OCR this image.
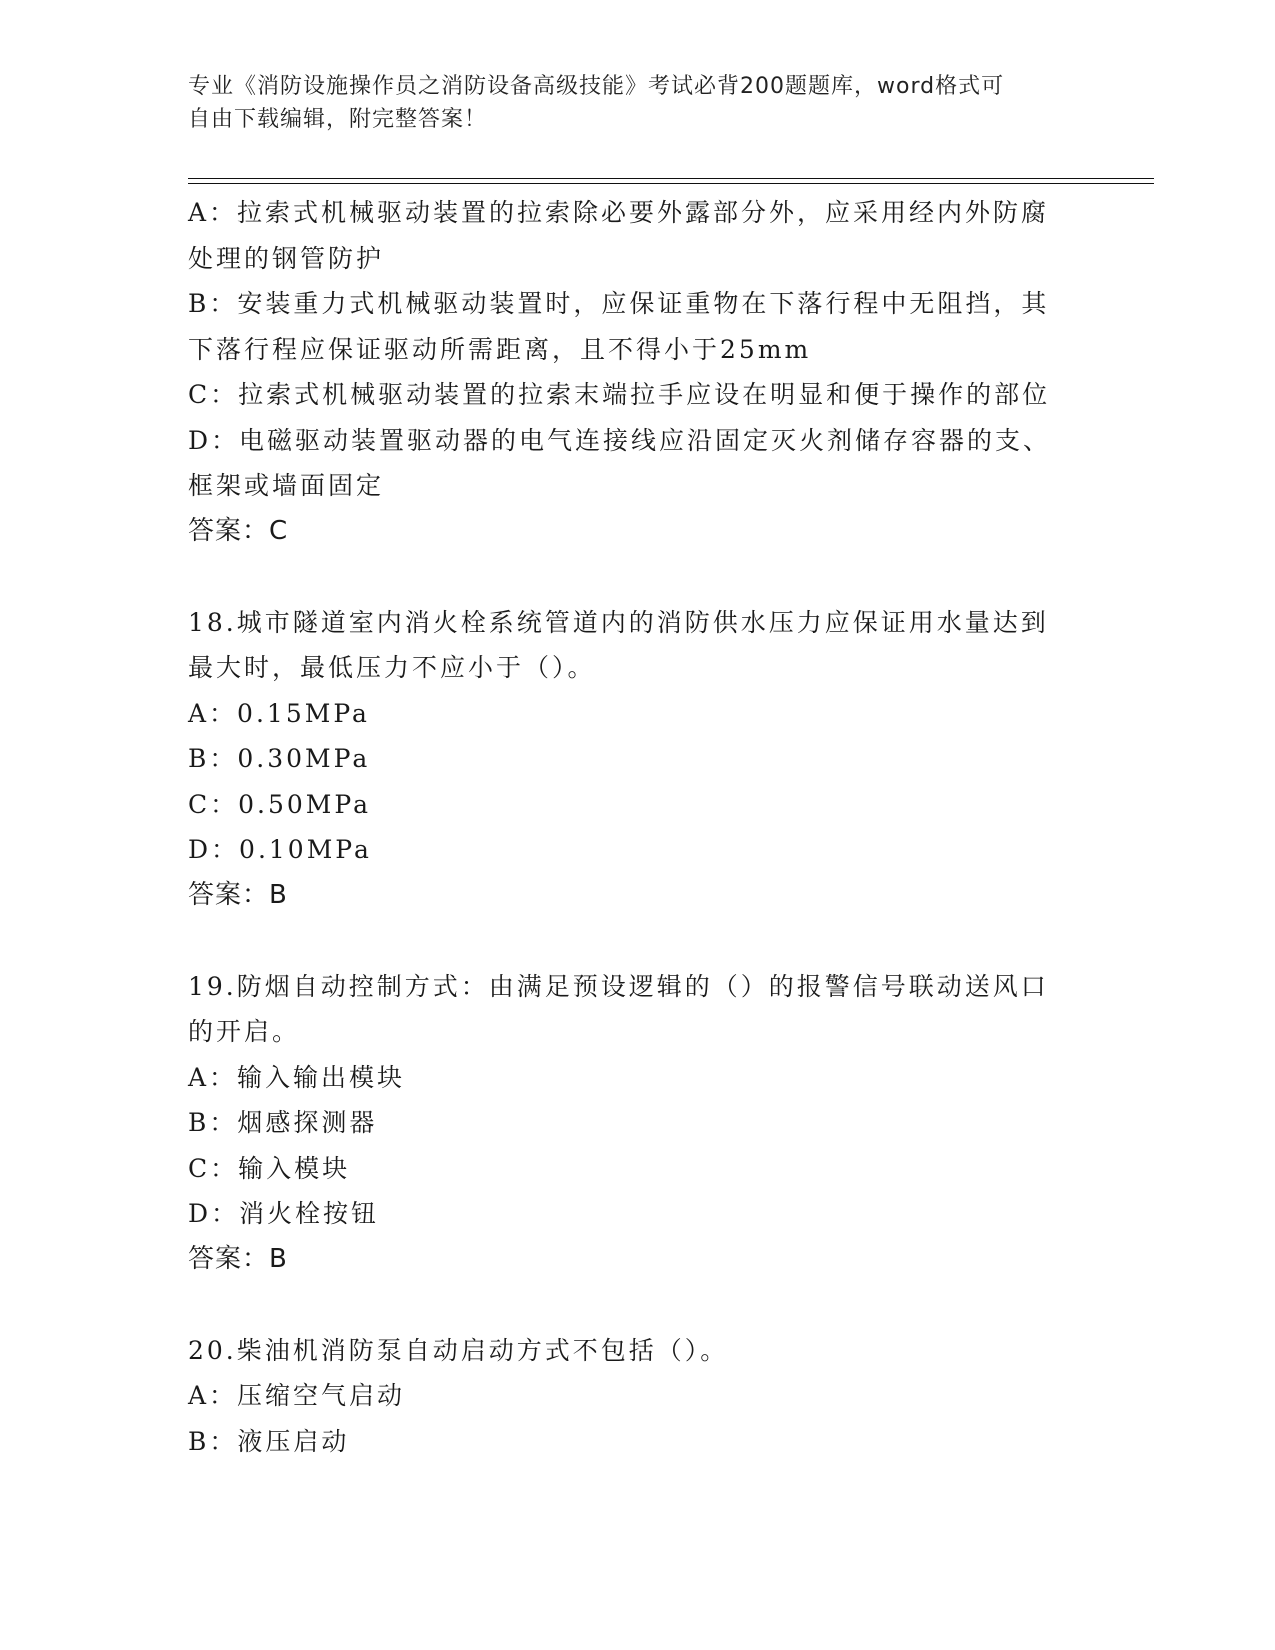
专业《消防设施操作员之消防设备高级技能》考试必背200题题库，word格式可
自由下载编辑，附完整答案！

A：拉索式机械驱动装置的拉索除必要外露部分外，应采用经内外防腐

处理的钢管防护

B：安装重力式机械驱动装置时，应保证重物在下落行程中无阻挡，其

下落行程应保证驱动所需距离，且不得小于25mm

C：拉索式机械驱动装置的拉索末端拉手应设在明显和便于操作的部位

D：电磁驱动装置驱动器的电气连接线应沿固定灭火剂储存容器的支、

框架或墙面固定

答案：C

18.城市隧道室内消火栓系统管道内的消防供水压力应保证用水量达到

最大时，最低压力不应小于（）。

A：0.15MPa

B：0.30MPa

C：0.50MPa

D：0.10MPa

答案：B

19.防烟自动控制方式：由满足预设逻辑的（）的报警信号联动送风口

的开启。

A：输入输出模块

B：烟感探测器

C：输入模块

D：消火栓按钮

答案：B

20.柴油机消防泵自动启动方式不包括（）。

A：压缩空气启动

B：液压启动
